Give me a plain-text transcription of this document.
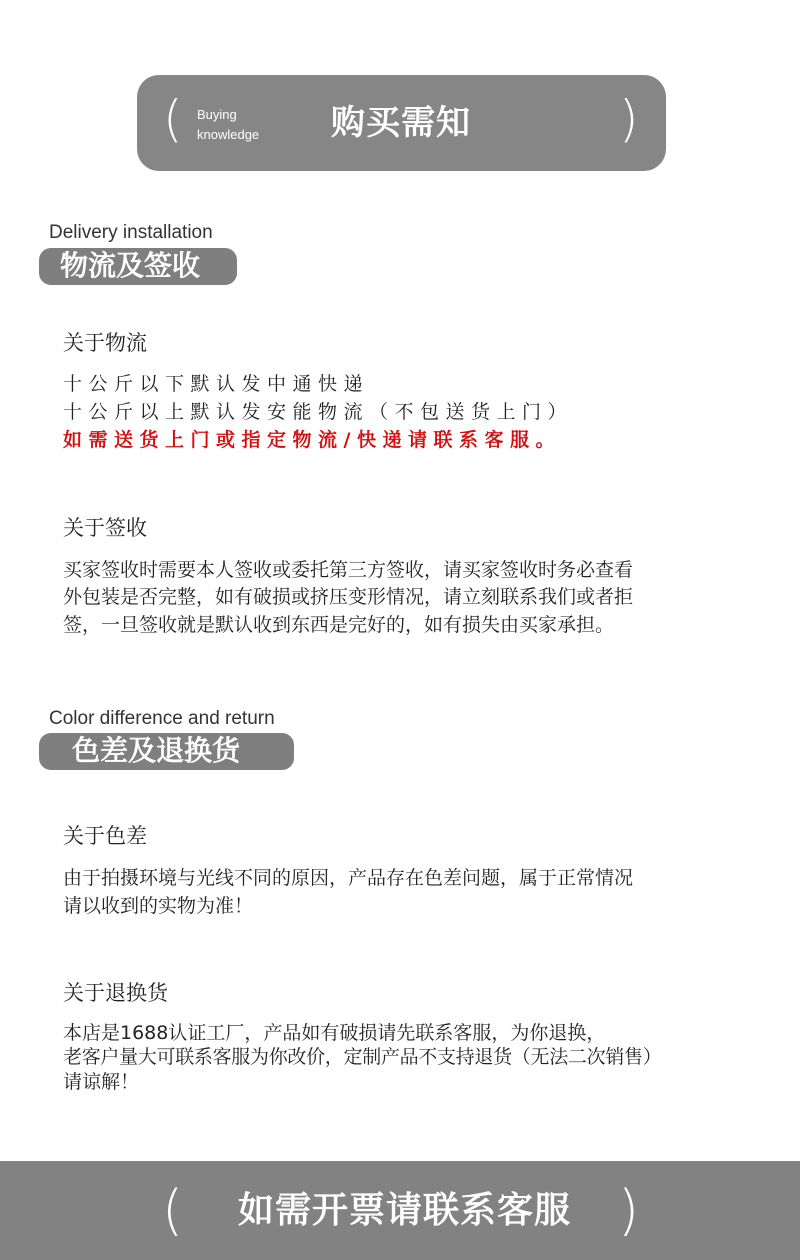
( Buying
knowledge 购买需知	)
Delivery installation
物流及签收
关于物流
十公斤以下默认发中通快递
十公斤以上默认发安能物流（不包送货上门）
如需送货上门或指定物流/快递请联系客服。
关于签收
买家签收时需要本人签收或委托第三方签收，请买家签收时务必查看
外包装是否完整，如有破损或挤压变形情况，请立刻联系我们或者拒
签，一旦签收就是默认收到东西是完好的，如有损失由买家承担。
Color difference and return
色差及退换货
关于色差
由于拍摄环境与光线不同的原因，产品存在色差问题，属于正常情况
请以收到的实物为准！
关于退换货
本店是1688认证工厂，产品如有破损请先联系客服，为你退换，
老客户量大可联系客服为你改价，定制产品不支持退货（无法二次销售）
请谅解！
( 如需开票请联系客服 )
